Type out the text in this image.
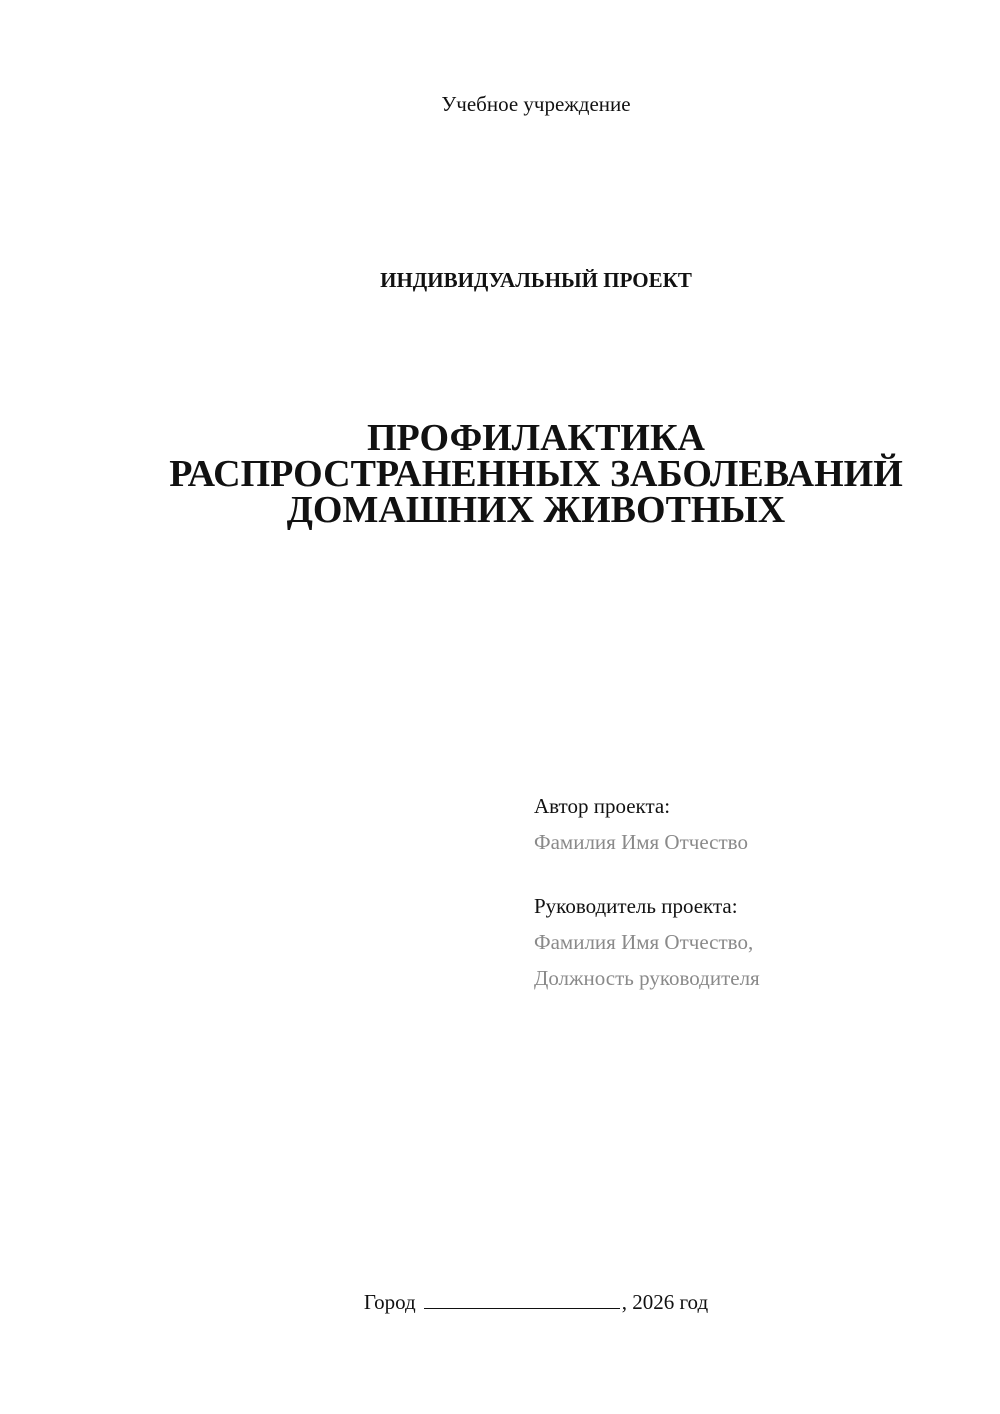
Учебное учреждение
ИНДИВИДУАЛЬНЫЙ ПРОЕКТ
ПРОФИЛАКТИКА
РАСПРОСТРАНЕННЫХ ЗАБОЛЕВАНИЙ
ДОМАШНИХ ЖИВОТНЫХ
Автор проекта:
Фамилия Имя Отчество
Руководитель проекта:
Фамилия Имя Отчество,
Должность руководителя
Город	, 2026 год
